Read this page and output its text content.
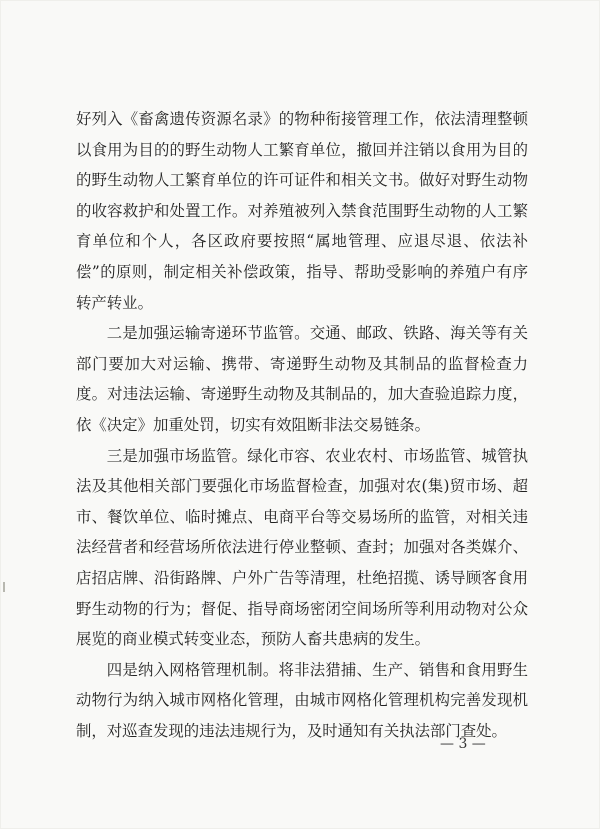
好列入《畜禽遗传资源名录》的物种衔接管理工作，依法清理整顿以食用为目的的野生动物人工繁育单位，撤回并注销以食用为目的的野生动物人工繁育单位的许可证件和相关文书。做好对野生动物的收容救护和处置工作。对养殖被列入禁食范围野生动物的人工繁育单位和个人，各区政府要按照“属地管理、应退尽退、依法补偿”的原则，制定相关补偿政策，指导、帮助受影响的养殖户有序转产转业。

二是加强运输寄递环节监管。交通、邮政、铁路、海关等有关部门要加大对运输、携带、寄递野生动物及其制品的监督检查力度。对违法运输、寄递野生动物及其制品的，加大查验追踪力度，依《决定》加重处罚，切实有效阻断非法交易链条。

三是加强市场监管。绿化市容、农业农村、市场监管、城管执法及其他相关部门要强化市场监督检查，加强对农(集)贸市场、超市、餐饮单位、临时摊点、电商平台等交易场所的监管，对相关违法经营者和经营场所依法进行停业整顿、查封；加强对各类媒介、店招店牌、沿街路牌、户外广告等清理，杜绝招揽、诱导顾客食用野生动物的行为；督促、指导商场密闭空间场所等利用动物对公众展览的商业模式转变业态，预防人畜共患病的发生。

四是纳入网格管理机制。将非法猎捕、生产、销售和食用野生动物行为纳入城市网格化管理，由城市网格化管理机构完善发现机制，对巡查发现的违法违规行为，及时通知有关执法部门查处。

— 3 —
